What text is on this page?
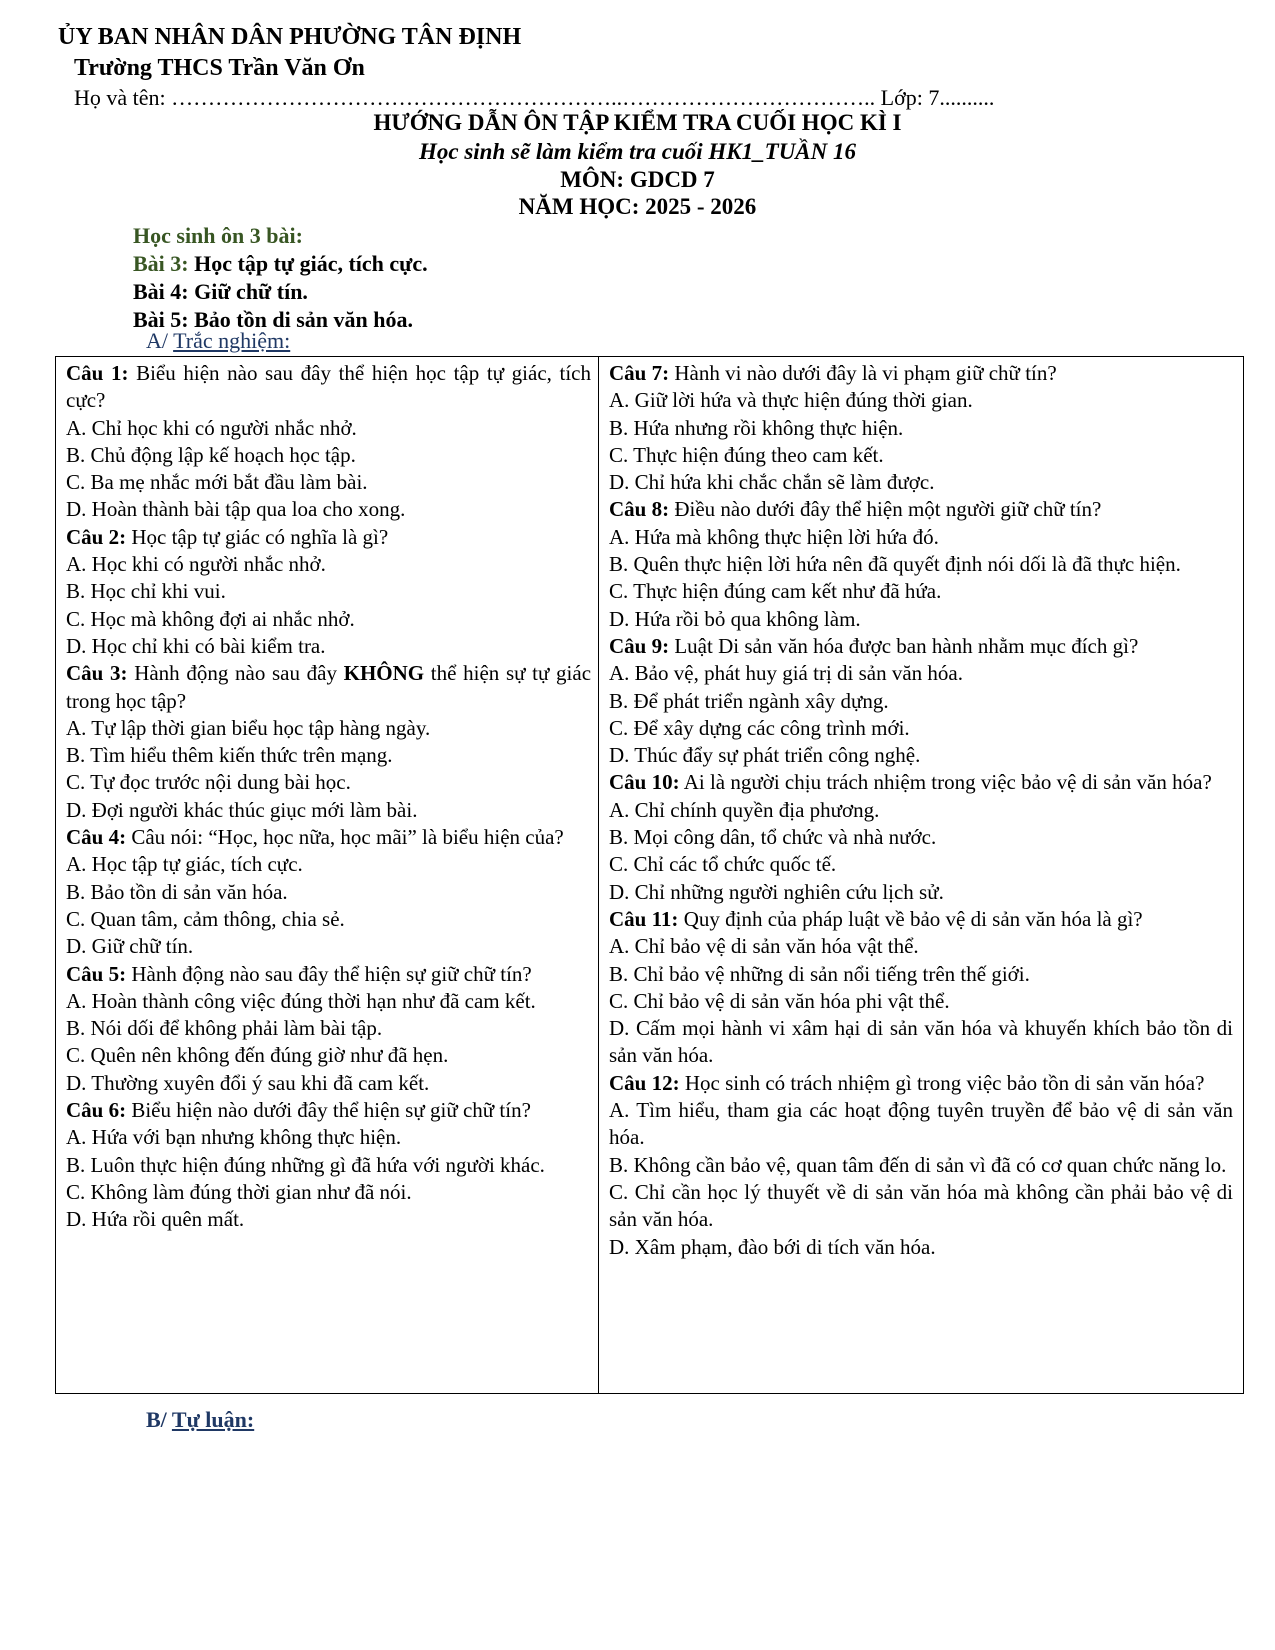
ỦY BAN NHÂN DÂN PHƯỜNG TÂN ĐỊNH
Trường THCS Trần Văn Ơn
Họ và tên: ……………………………………………………..…………………………….. Lớp: 7..........
HƯỚNG DẪN ÔN TẬP KIỂM TRA CUỐI HỌC KÌ I
Học sinh sẽ làm kiểm tra cuối HK1_TUẦN 16
MÔN: GDCD 7
NĂM HỌC: 2025 - 2026
Học sinh ôn 3 bài:
Bài 3: Học tập tự giác, tích cực.
Bài 4: Giữ chữ tín.
Bài 5: Bảo tồn di sản văn hóa.
A/ Trắc nghiệm:
Câu 1: Biểu hiện nào sau đây thể hiện học tập tự giác, tích cực?
A. Chỉ học khi có người nhắc nhở.
B. Chủ động lập kế hoạch học tập.
C. Ba mẹ nhắc mới bắt đầu làm bài.
D. Hoàn thành bài tập qua loa cho xong.
Câu 2: Học tập tự giác có nghĩa là gì?
A. Học khi có người nhắc nhở.
B. Học chỉ khi vui.
C. Học mà không đợi ai nhắc nhở.
D. Học chỉ khi có bài kiểm tra.
Câu 3: Hành động nào sau đây KHÔNG thể hiện sự tự giác trong học tập?
A. Tự lập thời gian biểu học tập hàng ngày.
B. Tìm hiểu thêm kiến thức trên mạng.
C. Tự đọc trước nội dung bài học.
D. Đợi người khác thúc giục mới làm bài.
Câu 4: Câu nói: “Học, học nữa, học mãi” là biểu hiện của?
A. Học tập tự giác, tích cực.
B. Bảo tồn di sản văn hóa.
C. Quan tâm, cảm thông, chia sẻ.
D. Giữ chữ tín.
Câu 5: Hành động nào sau đây thể hiện sự giữ chữ tín?
A. Hoàn thành công việc đúng thời hạn như đã cam kết.
B. Nói dối để không phải làm bài tập.
C. Quên nên không đến đúng giờ như đã hẹn.
D. Thường xuyên đổi ý sau khi đã cam kết.
Câu 6: Biểu hiện nào dưới đây thể hiện sự giữ chữ tín?
A. Hứa với bạn nhưng không thực hiện.
B. Luôn thực hiện đúng những gì đã hứa với người khác.
C. Không làm đúng thời gian như đã nói.
D. Hứa rồi quên mất.
Câu 7: Hành vi nào dưới đây là vi phạm giữ chữ tín?
A. Giữ lời hứa và thực hiện đúng thời gian.
B. Hứa nhưng rồi không thực hiện.
C. Thực hiện đúng theo cam kết.
D. Chỉ hứa khi chắc chắn sẽ làm được.
Câu 8: Điều nào dưới đây thể hiện một người giữ chữ tín?
A. Hứa mà không thực hiện lời hứa đó.
B. Quên thực hiện lời hứa nên đã quyết định nói dối là đã thực hiện.
C. Thực hiện đúng cam kết như đã hứa.
D. Hứa rồi bỏ qua không làm.
Câu 9: Luật Di sản văn hóa được ban hành nhằm mục đích gì?
A. Bảo vệ, phát huy giá trị di sản văn hóa.
B. Để phát triển ngành xây dựng.
C. Để xây dựng các công trình mới.
D. Thúc đẩy sự phát triển công nghệ.
Câu 10: Ai là người chịu trách nhiệm trong việc bảo vệ di sản văn hóa?
A. Chỉ chính quyền địa phương.
B. Mọi công dân, tổ chức và nhà nước.
C. Chỉ các tổ chức quốc tế.
D. Chỉ những người nghiên cứu lịch sử.
Câu 11: Quy định của pháp luật về bảo vệ di sản văn hóa là gì?
A. Chỉ bảo vệ di sản văn hóa vật thể.
B. Chỉ bảo vệ những di sản nổi tiếng trên thế giới.
C. Chỉ bảo vệ di sản văn hóa phi vật thể.
D. Cấm mọi hành vi xâm hại di sản văn hóa và khuyến khích bảo tồn di sản văn hóa.
Câu 12: Học sinh có trách nhiệm gì trong việc bảo tồn di sản văn hóa?
A. Tìm hiểu, tham gia các hoạt động tuyên truyền để bảo vệ di sản văn hóa.
B. Không cần bảo vệ, quan tâm đến di sản vì đã có cơ quan chức năng lo.
C. Chỉ cần học lý thuyết về di sản văn hóa mà không cần phải bảo vệ di sản văn hóa.
D. Xâm phạm, đào bới di tích văn hóa.
B/ Tự luận:
